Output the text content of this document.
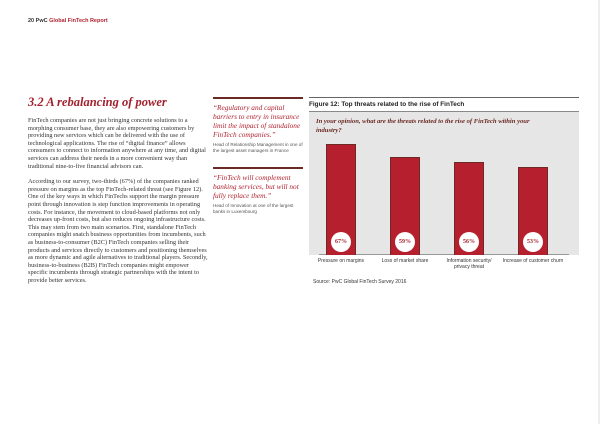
20 PwC Global FinTech Report
3.2 A rebalancing of power

FinTech companies are not just bringing concrete solutions to a morphing consumer base, they are also empowering customers by providing new services which can be delivered with the use of technological applications. The rise of “digital finance” allows consumers to connect to information anywhere at any time, and digital services can address their needs in a more convenient way than traditional nine-to-five financial advisors can.

According to our survey, two-thirds (67%) of the companies ranked pressure on margins as the top FinTech-related threat (see Figure 12). One of the key ways in which FinTechs support the margin pressure point through innovation is step function improvements in operating costs. For instance, the movement to cloud-based platforms not only decreases up-front costs, but also reduces ongoing infrastructure costs. This may stem from two main scenarios. First, standalone FinTech companies might snatch business opportunities from incumbents, such as business-to-consumer (B2C) FinTech companies selling their products and services directly to customers and positioning themselves as more dynamic and agile alternatives to traditional players. Secondly, business-to-business (B2B) FinTech companies might empower specific incumbents through strategic partnerships with the intent to provide better services.

“Regulatory and capital barriers to entry in insurance limit the impact of standalone FinTech companies.”
Head of Relationship Management in one of the largest asset managers in France
“FinTech will complement banking services, but will not fully replace them.”
Head of Innovation at one of the largest banks in Luxembourg
Figure 12: Top threats related to the rise of FinTech
In your opinion, what are the threats related to the rise of FinTech within your industry?
67%	59%	56%	53%
Pressure on margins	Loss of market share	Information security/ privacy threat
Increase of customer churn
Source: PwC Global FinTech Survey 2016
